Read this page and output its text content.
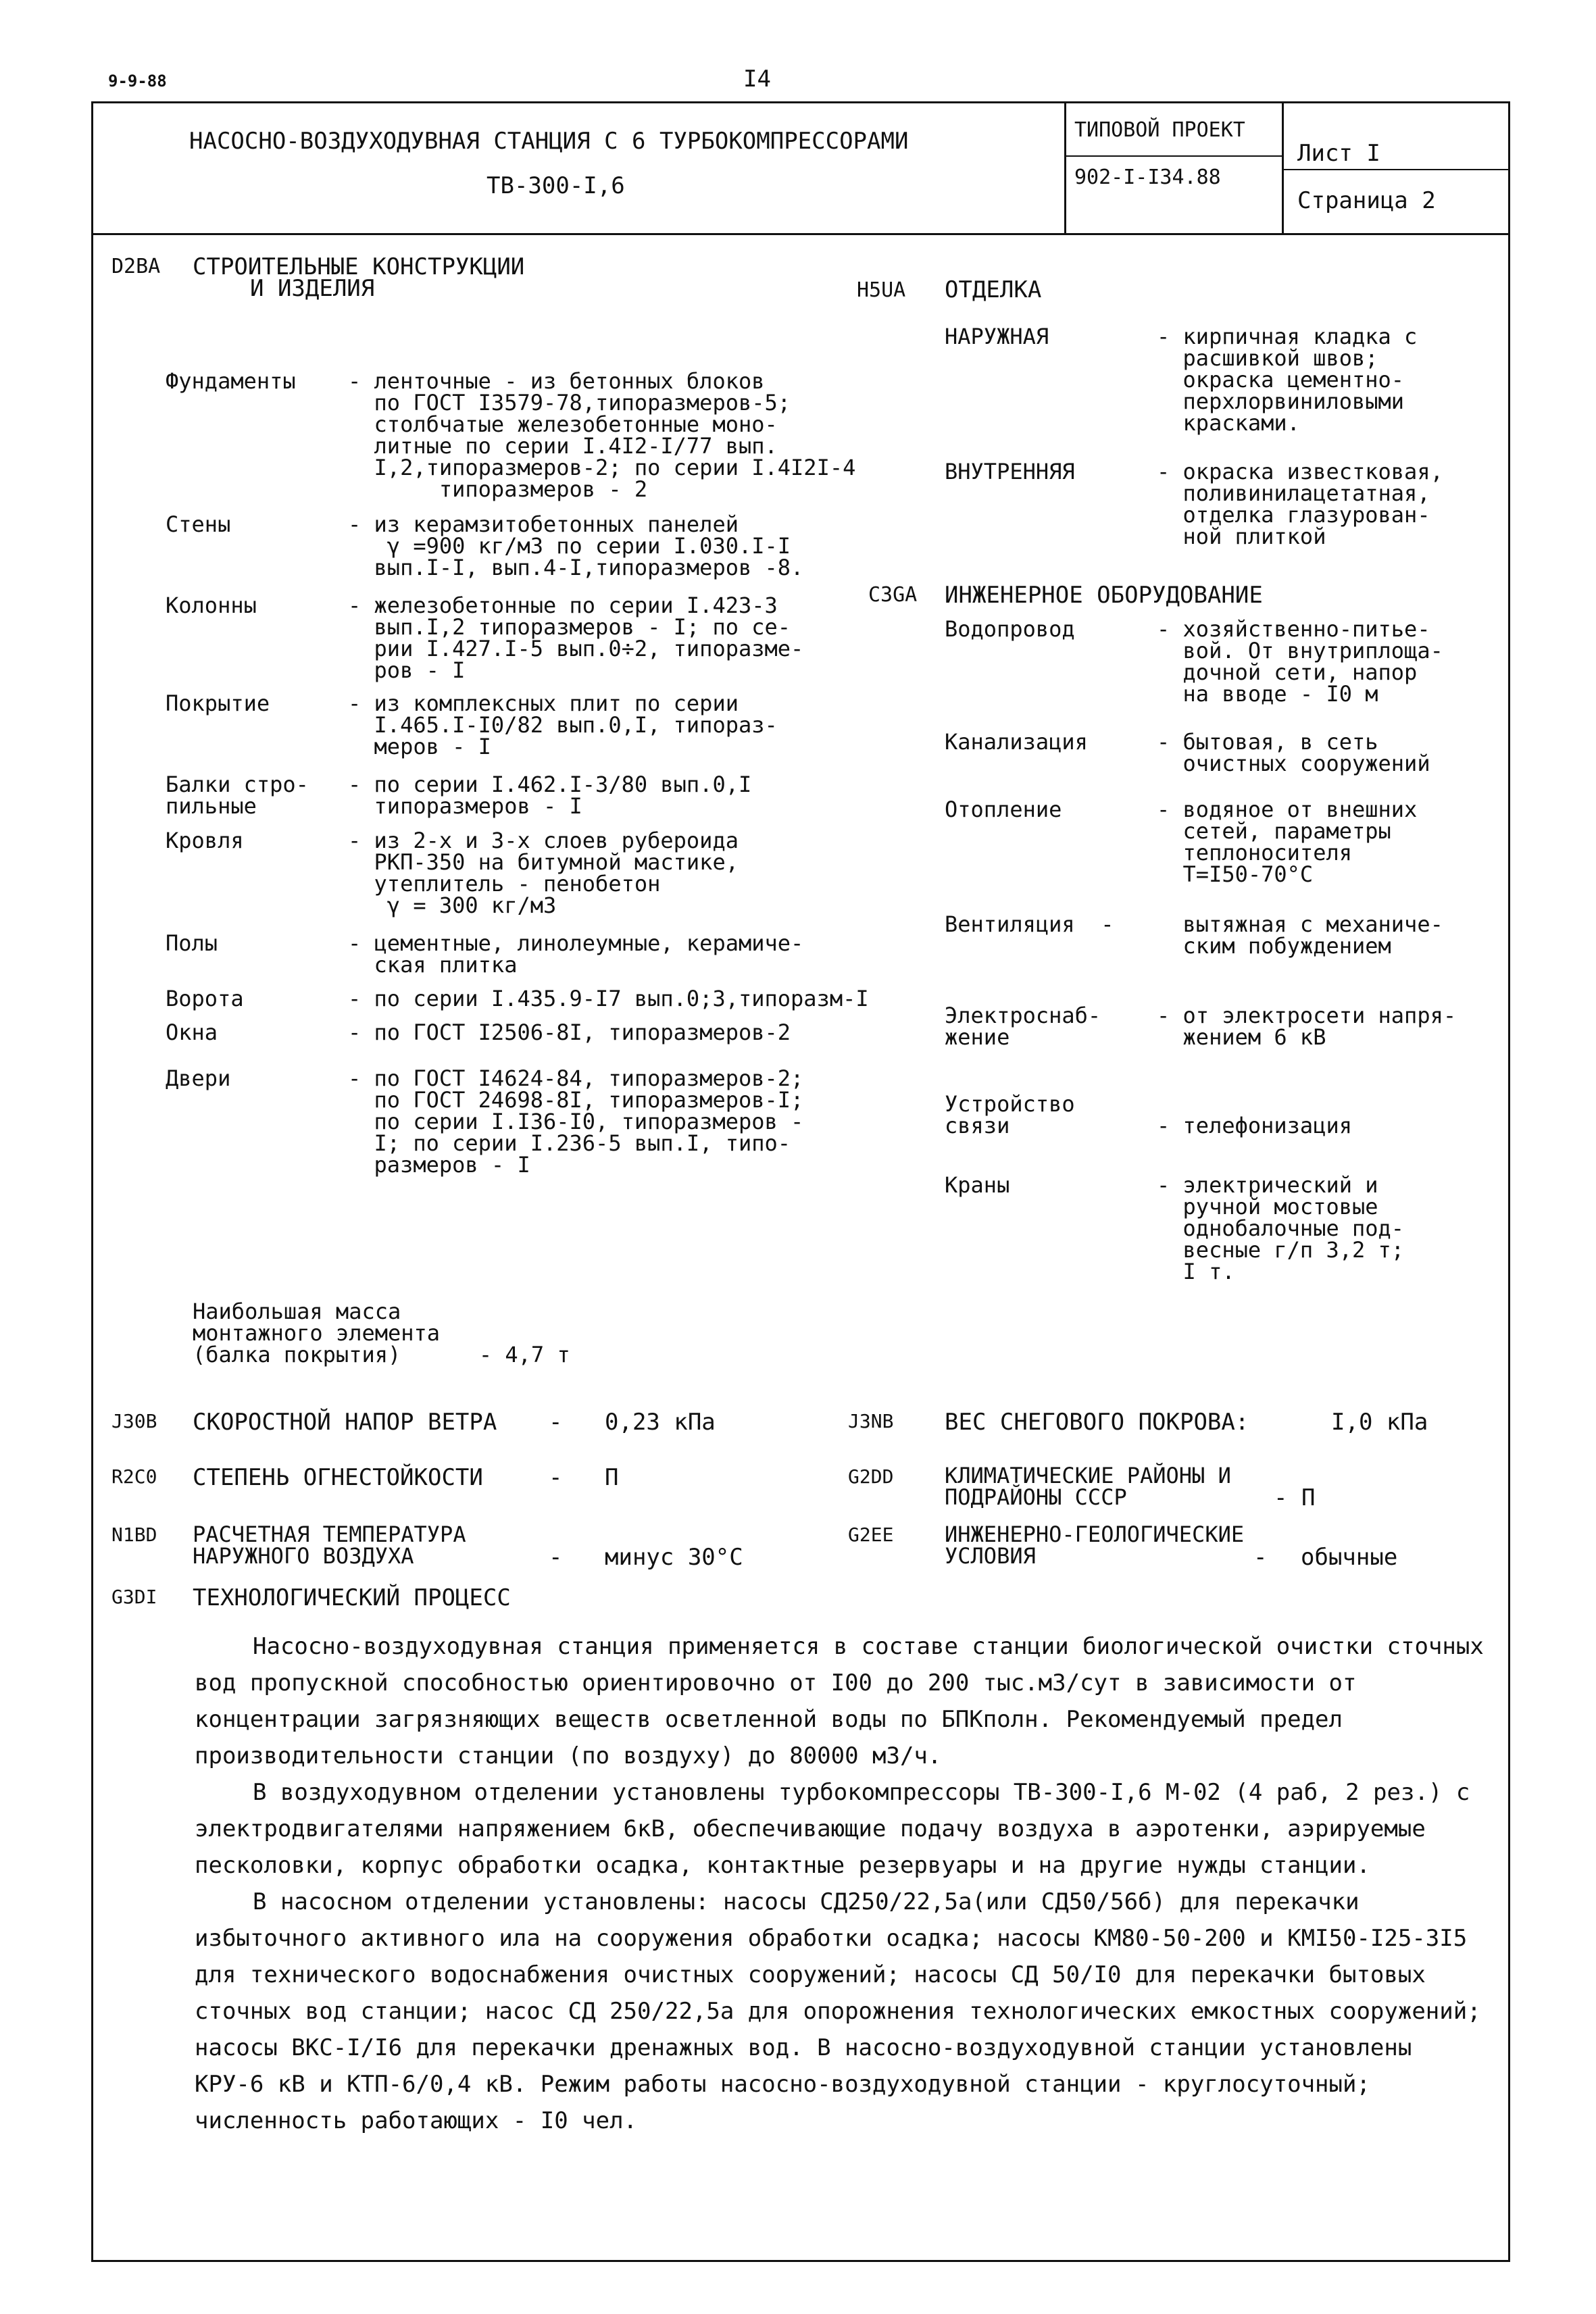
9-9-88	I4
НАСОСНО-ВОЗДУХОДУВНАЯ СТАНЦИЯ С 6 ТУРБОКОМПРЕССОРАМИ
ТВ-300-I,6
ТИПОВОЙ ПРОЕКТ
902-I-I34.88
Лист I
Страница 2
D2BA СТРОИТЕЛЬНЫЕ КОНСТРУКЦИИ
И ИЗДЕЛИЯ
Фундаменты - ленточные - из бетонных блоков
по ГОСТ I3579-78,типоразмеров-5;
столбчатые железобетонные моно-
литные по серии I.4I2-I/77 вып.
I,2,типоразмеров-2; по серии I.4I2I-4
типоразмеров - 2
Стены	- из керамзитобетонных панелей
γ =900 кг/м3 по серии I.030.I-I
вып.I-I, вып.4-I,типоразмеров -8.
Колонны	- железобетонные по серии I.423-3
вып.I,2 типоразмеров - I; по се-
рии I.427.I-5 вып.0÷2, типоразме-
ров - I
Покрытие	- из комплексных плит по серии
I.465.I-I0/82 вып.0,I, типораз-
меров - I
Балки стро-
пильные
- по серии I.462.I-3/80 вып.0,I
типоразмеров - I
Кровля	- из 2-х и 3-х слоев рубероида
РКП-350 на битумной мастике,
утеплитель - пенобетон
γ = 300 кг/м3
Полы	- цементные, линолеумные, керамиче-
ская плитка
Ворота	- по серии I.435.9-I7 вып.0;3,типоразм-I
Окна	- по ГОСТ I2506-8I, типоразмеров-2
Двери	- по ГОСТ I4624-84, типоразмеров-2;
по ГОСТ 24698-8I, типоразмеров-I;
по серии I.I36-I0, типоразмеров -
I; по серии I.236-5 вып.I, типо-
размеров - I
Наибольшая масса
монтажного элемента
(балка покрытия)      - 4,7 т
H5UA ОТДЕЛКА
НАРУЖНАЯ	- кирпичная кладка с
расшивкой швов;
окраска цементно-
перхлорвиниловыми
красками.
ВНУТРЕННЯЯ	- окраска известковая,
поливинилацетатная,
отделка глазурован-
ной плиткой
C3GA ИНЖЕНЕРНОЕ ОБОРУДОВАНИЕ
Водопровод	- хозяйственно-питье-
вой. От внутриплоща-
дочной сети, напор
на вводе - I0 м
Канализация	- бытовая, в сеть
очистных сооружений
Отопление	- водяное от внешних
сетей, параметры
теплоносителя
Т=I50-70°С
Вентиляция  -	вытяжная с механиче-
ским побуждением
Электроснаб-
жение
- от электросети напря-
жением 6 кВ
Устройство
связи	
- телефонизация
Краны	- электрический и
ручной мостовые
однобалочные под-
весные г/п 3,2 т;
I т.
J30B СКОРОСТНОЙ НАПОР ВЕТРА - 0,23 кПа	J3NB ВЕС СНЕГОВОГО ПОКРОВА:	I,0 кПа
R2C0 СТЕПЕНЬ ОГНЕСТОЙКОСТИ	- П	G2DD КЛИМАТИЧЕСКИЕ РАЙОНЫ И
ПОДРАЙОНЫ СССР	- П
N1BD РАСЧЕТНАЯ ТЕМПЕРАТУРА
НАРУЖНОГО ВОЗДУХА	- минус 30°С
G2EE ИНЖЕНЕРНО-ГЕОЛОГИЧЕСКИЕ
УСЛОВИЯ	- обычные
G3DI ТЕХНОЛОГИЧЕСКИЙ ПРОЦЕСС
Насосно-воздуходувная станция применяется в составе станции биологической очистки сточных вод пропускной способностью ориентировочно от I00 до 200 тыс.м3/сут в зависимости от концентрации загрязняющих веществ осветленной воды по БПКполн. Рекомендуемый предел производительности станции (по воздуху) до 80000 м3/ч.
В воздуходувном отделении установлены турбокомпрессоры ТВ-300-I,6 М-02 (4 раб, 2 рез.) с электродвигателями напряжением 6кВ, обеспечивающие подачу воздуха в аэротенки, аэрируемые песколовки, корпус обработки осадка, контактные резервуары и на другие нужды станции.
В насосном отделении установлены: насосы СД250/22,5а(или СД50/56б) для перекачки избыточного активного ила на сооружения обработки осадка; насосы КМ80-50-200 и КМI50-I25-3I5 для технического водоснабжения очистных сооружений; насосы СД 50/I0 для перекачки бытовых сточных вод станции; насос СД 250/22,5а для опорожнения технологических емкостных сооружений; насосы ВКС-I/I6 для перекачки дренажных вод. В насосно-воздуходувной станции установлены КРУ-6 кВ и КТП-6/0,4 кВ. Режим работы насосно-воздуходувной станции - круглосуточный; численность работающих - I0 чел.
